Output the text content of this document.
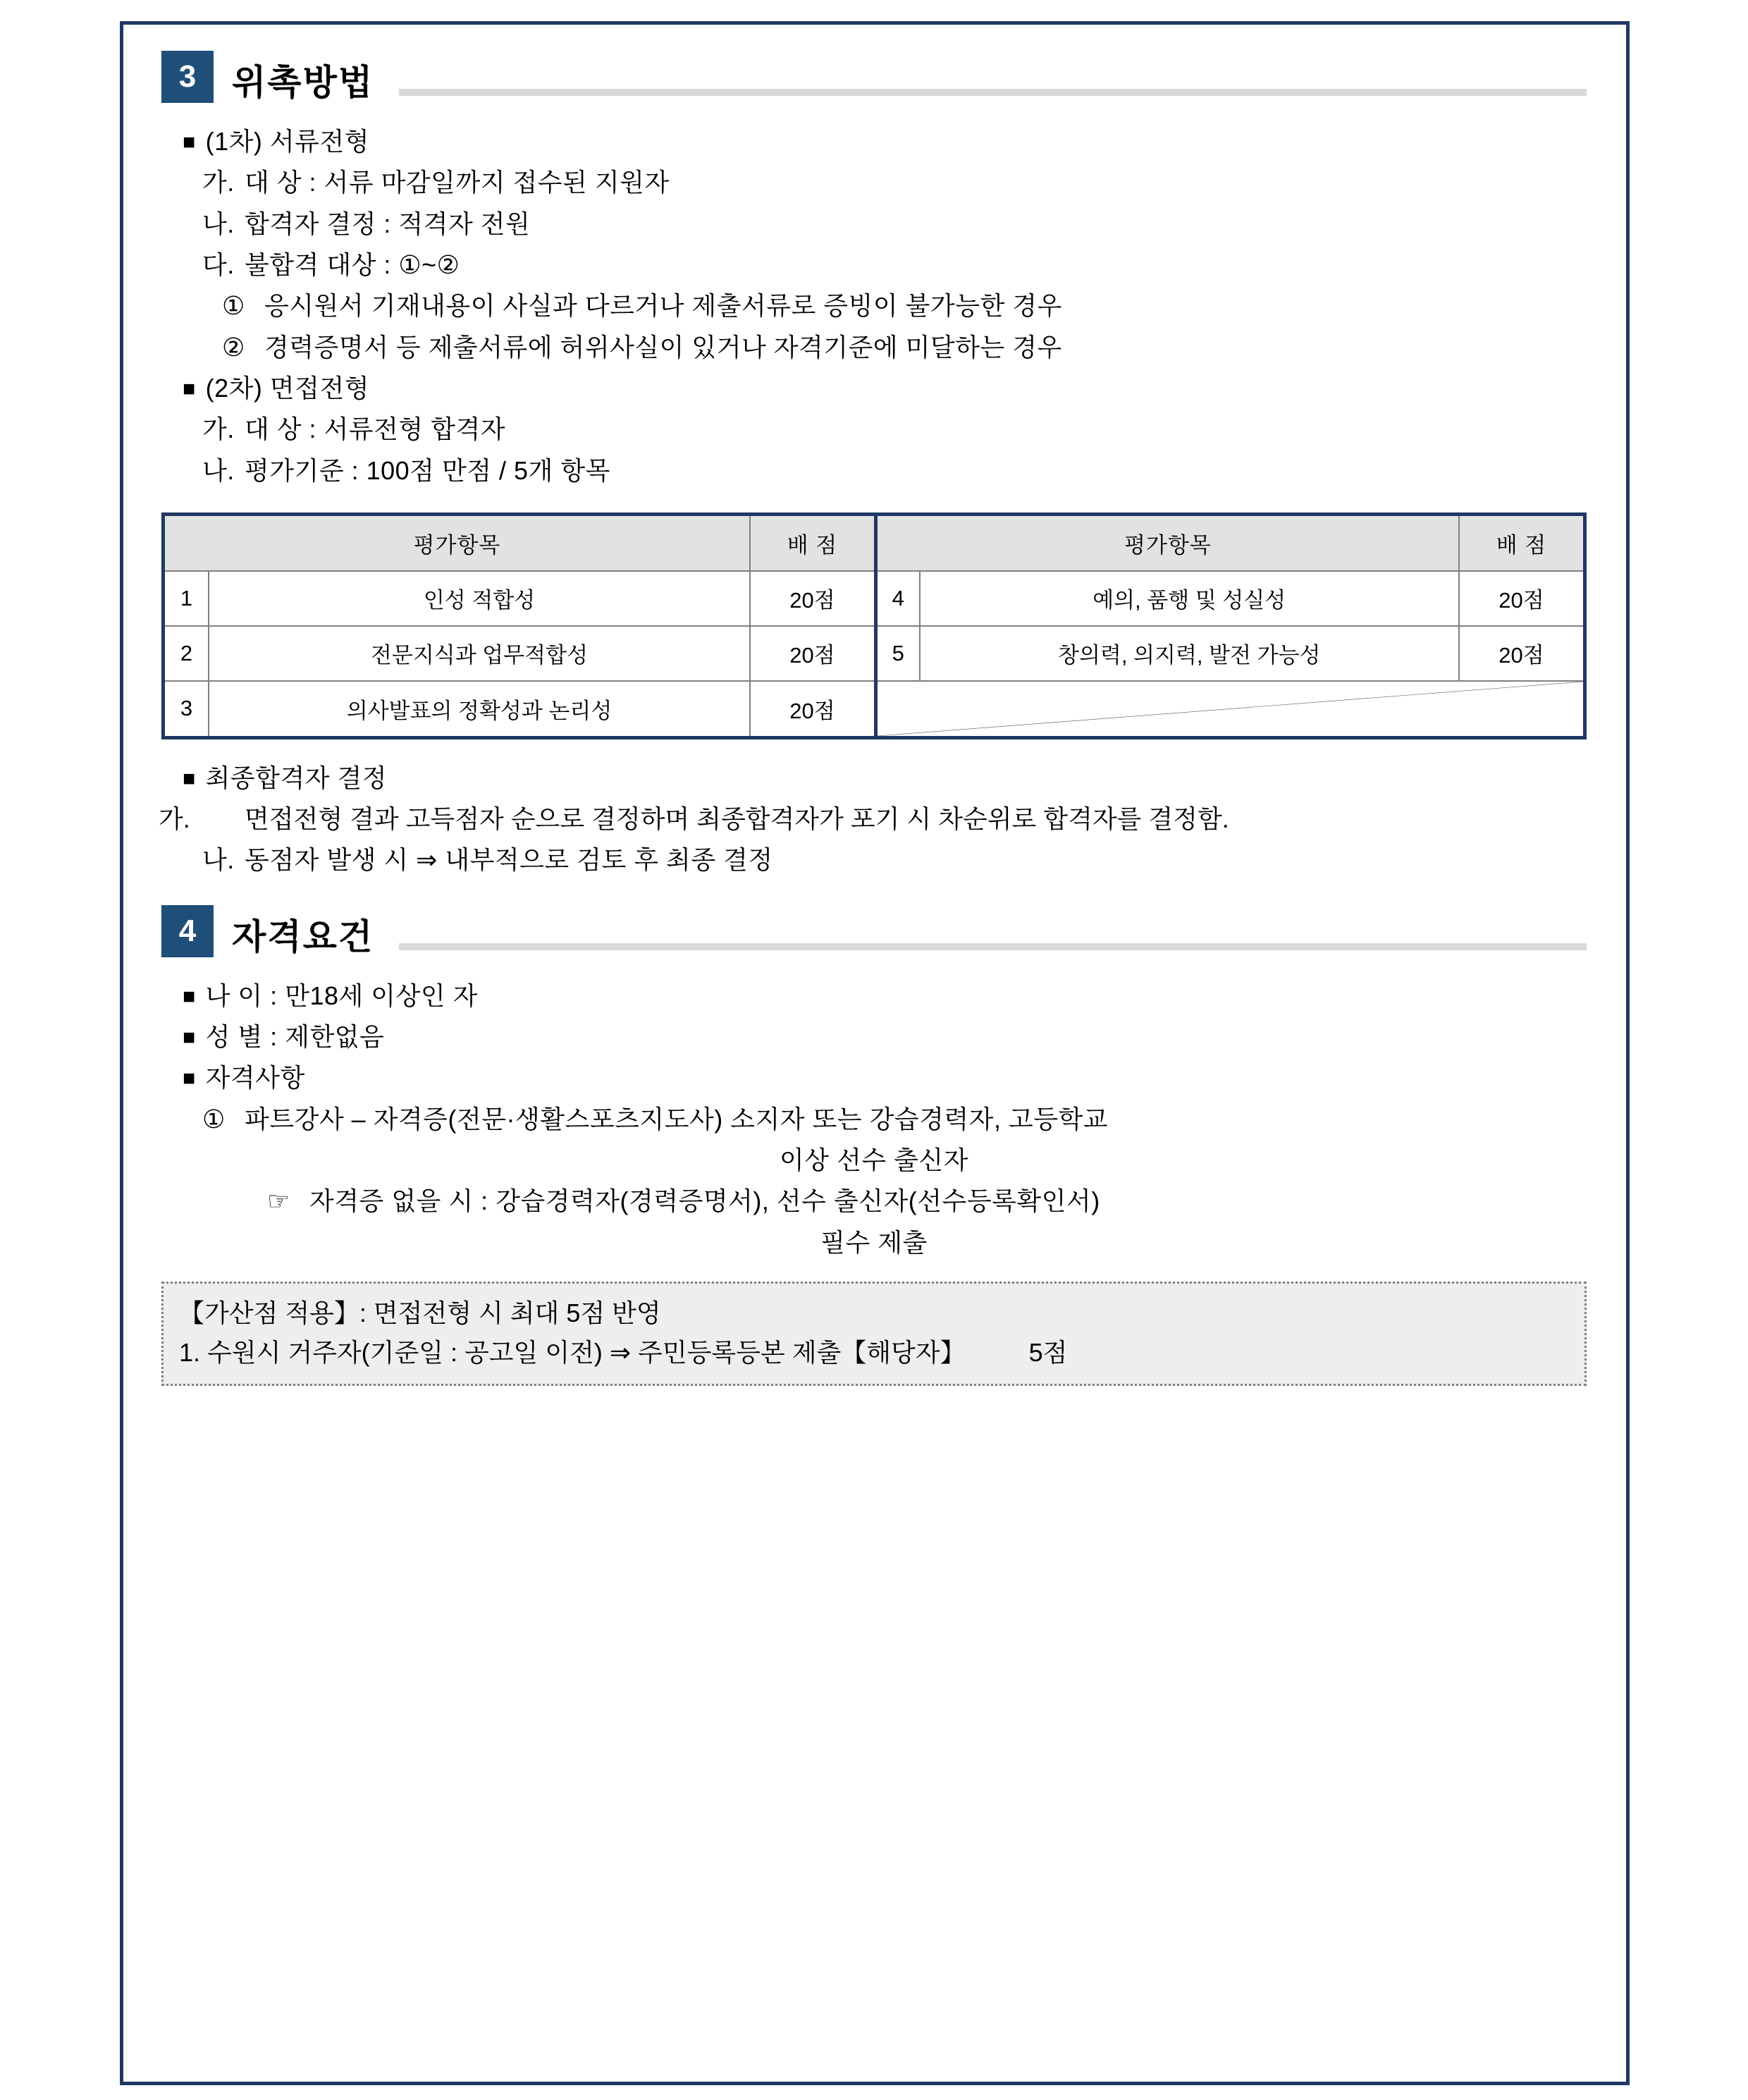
3	위촉방법
■ (1차) 서류전형
가. 대 상 : 서류 마감일까지 접수된 지원자
나. 합격자 결정 : 적격자 전원
다. 불합격 대상 : ①~②
① 응시원서 기재내용이 사실과 다르거나 제출서류로 증빙이 불가능한 경우
② 경력증명서 등 제출서류에 허위사실이 있거나 자격기준에 미달하는 경우
■ (2차) 면접전형
가. 대 상 : 서류전형 합격자
나. 평가기준 : 100점 만점 / 5개 항목
평가항목		배 점
1	인성 적합성	20점
2	전문지식과 업무적합성	20점
3	의사발표의 정확성과 논리성	20점
평가항목		배 점
4	예의, 품행 및 성실성	20점
5	창의력, 의지력, 발전 가능성	20점

■ 최종합격자 결정
가. 면접전형 결과 고득점자 순으로 결정하며 최종합격자가 포기 시 차순위로 합격자를 결정함.
나. 동점자 발생 시 ⇒ 내부적으로 검토 후 최종 결정
4	자격요건
■ 나 이 : 만18세 이상인 자
■ 성 별 : 제한없음
■ 자격사항
① 파트강사 – 자격증(전문·생활스포츠지도사) 소지자 또는 강습경력자, 고등학교
이상 선수 출신자
☞ 자격증 없을 시 : 강습경력자(경력증명서), 선수 출신자(선수등록확인서)
필수 제출
【가산점 적용】: 면접전형 시 최대 5점 반영
1. 수원시 거주자(기준일 : 공고일 이전) ⇒ 주민등록등본 제출【해당자】	5점
